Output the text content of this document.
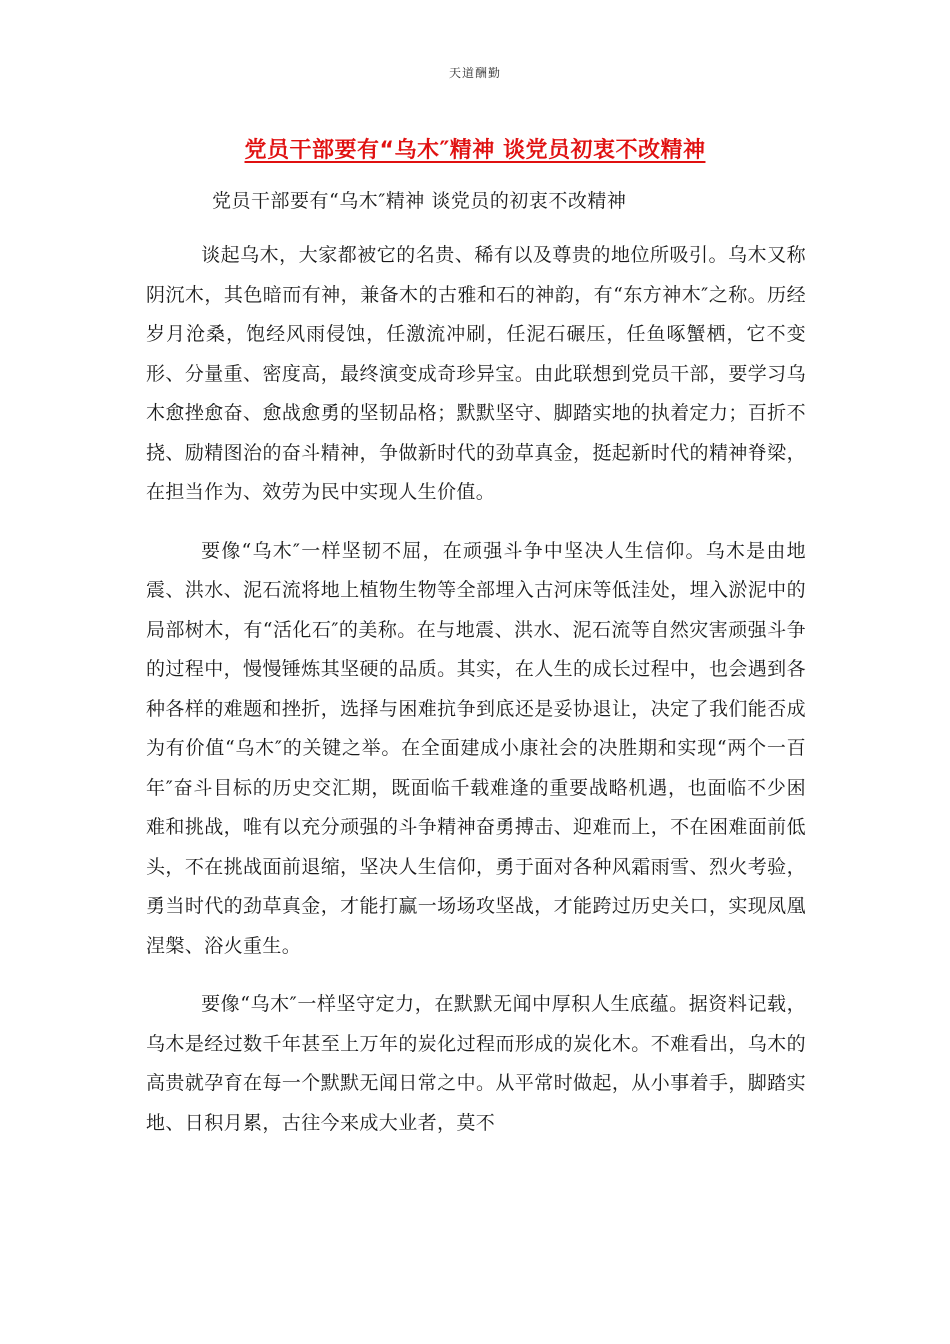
天道酬勤
党员干部要有“乌木″精神 谈党员初衷不改精神
党员干部要有“乌木″精神 谈党员的初衷不改精神

谈起乌木，大家都被它的名贵、稀有以及尊贵的地位所吸引。乌木又称阴沉木，其色暗而有神，兼备木的古雅和石的神韵，有“东方神木″之称。历经岁月沧桑，饱经风雨侵蚀，任激流冲刷，任泥石碾压，任鱼啄蟹栖，它不变形、分量重、密度高，最终演变成奇珍异宝。由此联想到党员干部，要学习乌木愈挫愈奋、愈战愈勇的坚韧品格；默默坚守、脚踏实地的执着定力；百折不挠、励精图治的奋斗精神，争做新时代的劲草真金，挺起新时代的精神脊梁，在担当作为、效劳为民中实现人生价值。

要像“乌木″一样坚韧不屈，在顽强斗争中坚决人生信仰。乌木是由地震、洪水、泥石流将地上植物生物等全部埋入古河床等低洼处，埋入淤泥中的局部树木，有“活化石″的美称。在与地震、洪水、泥石流等自然灾害顽强斗争的过程中，慢慢锤炼其坚硬的品质。其实，在人生的成长过程中，也会遇到各种各样的难题和挫折，选择与困难抗争到底还是妥协退让，决定了我们能否成为有价值“乌木″的关键之举。在全面建成小康社会的决胜期和实现“两个一百年″奋斗目标的历史交汇期，既面临千载难逢的重要战略机遇，也面临不少困难和挑战，唯有以充分顽强的斗争精神奋勇搏击、迎难而上，不在困难面前低头，不在挑战面前退缩，坚决人生信仰，勇于面对各种风霜雨雪、烈火考验，勇当时代的劲草真金，才能打赢一场场攻坚战，才能跨过历史关口，实现凤凰涅槃、浴火重生。

要像“乌木″一样坚守定力，在默默无闻中厚积人生底蕴。据资料记载，乌木是经过数千年甚至上万年的炭化过程而形成的炭化木。不难看出，乌木的高贵就孕育在每一个默默无闻日常之中。从平常时做起，从小事着手，脚踏实地、日积月累，古往今来成大业者，莫不
